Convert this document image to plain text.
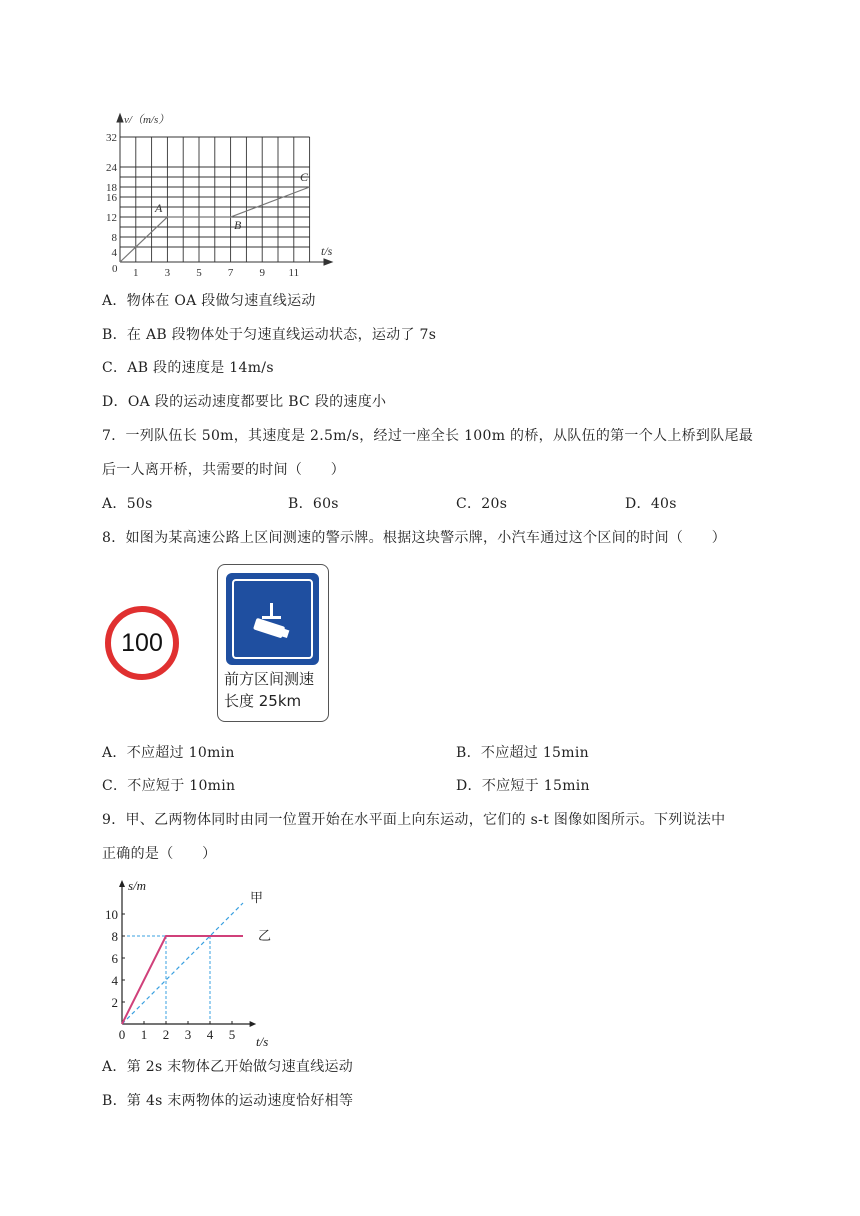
32
24
18
16
12
8
4
1 3 5 7 9 11
v/（m/s）
t/s
0
A
B
C
A．物体在 OA 段做匀速直线运动
B．在 AB 段物体处于匀速直线运动状态，运动了 7s
C．AB 段的速度是 14m/s
D．OA 段的运动速度都要比 BC 段的速度小
7．一列队伍长 50m，其速度是 2.5m/s，经过一座全长 100m 的桥，从队伍的第一个人上桥到队尾最
后一人离开桥，共需要的时间（　　）
A．50s	B．60s	C．20s	D．40s
8．如图为某高速公路上区间测速的警示牌。根据这块警示牌，小汽车通过这个区间的时间（　　）
100
前方区间测速
长度 25km
A．不应超过 10min	B．不应超过 15min
C．不应短于 10min	D．不应短于 15min
9．甲、乙两物体同时由同一位置开始在水平面上向东运动，它们的 s-t 图像如图所示。下列说法中
正确的是（　　）
0 1 2 3 4 5
2
4
6
8
10
s/m
t/s
甲
乙
A．第 2s 末物体乙开始做匀速直线运动
B．第 4s 末两物体的运动速度恰好相等
